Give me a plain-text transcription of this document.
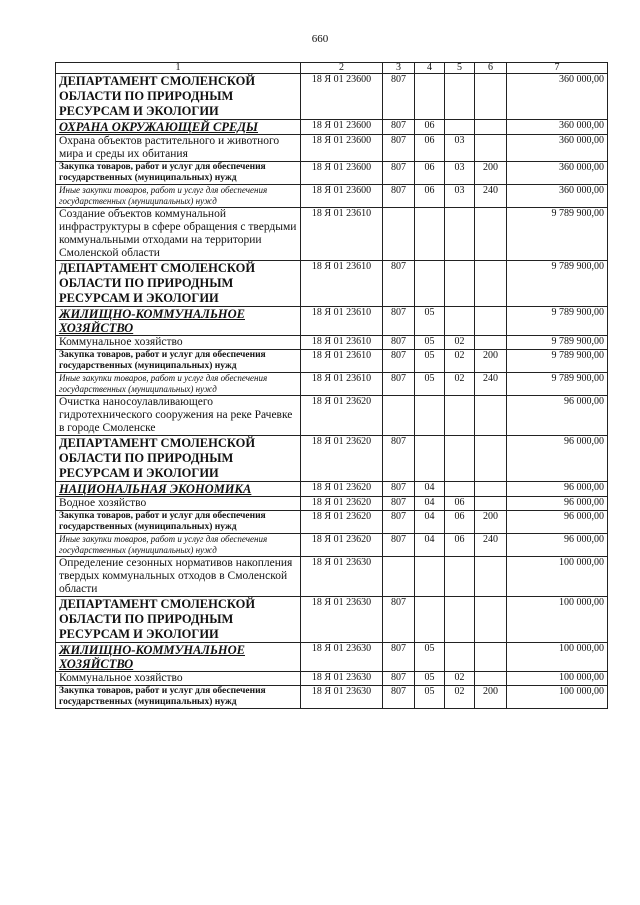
660
1	2	3	4	5	6	7
ДЕПАРТАМЕНТ СМОЛЕНСКОЙ ОБЛАСТИ ПО ПРИРОДНЫМ РЕСУРСАМ И ЭКОЛОГИИ	18 Я 01 23600	807				360 000,00
ОХРАНА ОКРУЖАЮЩЕЙ СРЕДЫ	18 Я 01 23600	807	06			360 000,00
Охрана объектов растительного и животного мира и среды их обитания	18 Я 01 23600	807	06	03		360 000,00
Закупка товаров, работ и услуг для обеспечения государственных (муниципальных) нужд	18 Я 01 23600	807	06	03	200	360 000,00
Иные закупки товаров, работ и услуг для обеспечения государственных (муниципальных) нужд	18 Я 01 23600	807	06	03	240	360 000,00
Создание объектов коммунальной инфраструктуры в сфере обращения с твердыми коммунальными отходами на территории Смоленской области	18 Я 01 23610					9 789 900,00
ДЕПАРТАМЕНТ СМОЛЕНСКОЙ ОБЛАСТИ ПО ПРИРОДНЫМ РЕСУРСАМ И ЭКОЛОГИИ	18 Я 01 23610	807				9 789 900,00
ЖИЛИЩНО-КОММУНАЛЬНОЕ ХОЗЯЙСТВО	18 Я 01 23610	807	05			9 789 900,00
Коммунальное хозяйство	18 Я 01 23610	807	05	02		9 789 900,00
Закупка товаров, работ и услуг для обеспечения государственных (муниципальных) нужд	18 Я 01 23610	807	05	02	200	9 789 900,00
Иные закупки товаров, работ и услуг для обеспечения государственных (муниципальных) нужд	18 Я 01 23610	807	05	02	240	9 789 900,00
Очистка наносоулавливающего гидротехнического сооружения на реке Рачевке в городе Смоленске	18 Я 01 23620					96 000,00
ДЕПАРТАМЕНТ СМОЛЕНСКОЙ ОБЛАСТИ ПО ПРИРОДНЫМ РЕСУРСАМ И ЭКОЛОГИИ	18 Я 01 23620	807				96 000,00
НАЦИОНАЛЬНАЯ ЭКОНОМИКА	18 Я 01 23620	807	04			96 000,00
Водное хозяйство	18 Я 01 23620	807	04	06		96 000,00
Закупка товаров, работ и услуг для обеспечения государственных (муниципальных) нужд	18 Я 01 23620	807	04	06	200	96 000,00
Иные закупки товаров, работ и услуг для обеспечения государственных (муниципальных) нужд	18 Я 01 23620	807	04	06	240	96 000,00
Определение сезонных нормативов накопления твердых коммунальных отходов в Смоленской области	18 Я 01 23630					100 000,00
ДЕПАРТАМЕНТ СМОЛЕНСКОЙ ОБЛАСТИ ПО ПРИРОДНЫМ РЕСУРСАМ И ЭКОЛОГИИ	18 Я 01 23630	807				100 000,00
ЖИЛИЩНО-КОММУНАЛЬНОЕ ХОЗЯЙСТВО	18 Я 01 23630	807	05			100 000,00
Коммунальное хозяйство	18 Я 01 23630	807	05	02		100 000,00
Закупка товаров, работ и услуг для обеспечения государственных (муниципальных) нужд	18 Я 01 23630	807	05	02	200	100 000,00
